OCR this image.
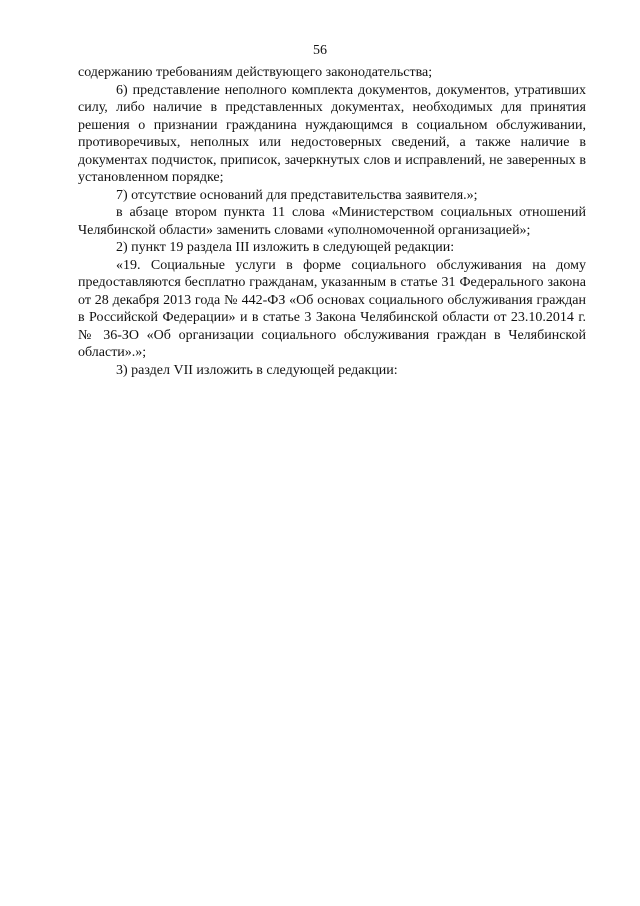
56

содержанию требованиям действующего законодательства;

6) представление неполного комплекта документов, документов, утративших силу, либо наличие в представленных документах, необходимых для принятия решения о признании гражданина нуждающимся в социальном обслуживании, противоречивых, неполных или недостоверных сведений, а также наличие в документах подчисток, приписок, зачеркнутых слов и исправлений, не заверенных в установленном порядке;

7) отсутствие оснований для представительства заявителя.»;

в абзаце втором пункта 11 слова «Министерством социальных отношений Челябинской области» заменить словами «уполномоченной организацией»;

2) пункт 19 раздела III изложить в следующей редакции:

«19. Социальные услуги в форме социального обслуживания на дому предоставляются бесплатно гражданам, указанным в статье 31 Федерального закона от 28 декабря 2013 года № 442-ФЗ «Об основах социального обслуживания граждан в Российской Федерации» и в статье 3 Закона Челябинской области от 23.10.2014 г. № 36-ЗО «Об организации социального обслуживания граждан в Челябинской области».»;

3) раздел VII изложить в следующей редакции:
